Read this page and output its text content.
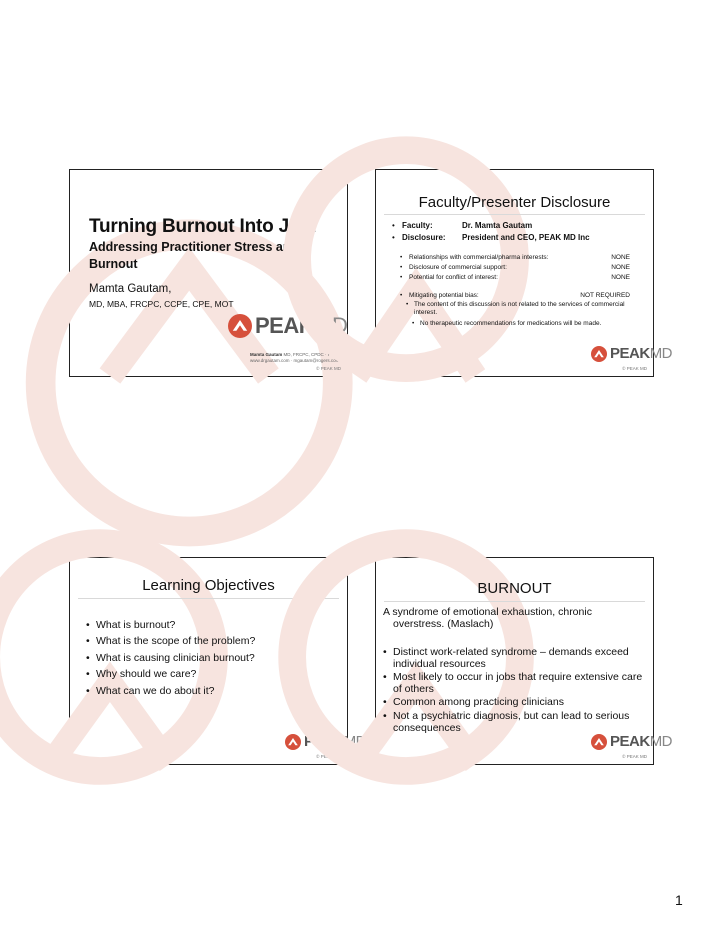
Turning Burnout Into Joy:
Addressing Practitioner Stress and Burnout
Mamta Gautam,
MD, MBA, FRCPC, CCPE, CPE, MOT
PEAKMD
Mamta Gautam MD, FRCPC, CPDC · President
www.drgautam.com · mgautam@rogers.com
© PEAK MD
Faculty/Presenter Disclosure
• Faculty:	Dr. Mamta Gautam
• Disclosure: President and CEO, PEAK MD Inc
• Relationships with commercial/pharma interests:	NONE
• Disclosure of commercial support:	NONE
• Potential for conflict of interest:	NONE
• Mitigating potential bias:	NOT REQUIRED
• The content of this discussion is not related to the services of commercial interest.
• No therapeutic recommendations for medications will be made.
PEAKMD
© PEAK MD
Learning Objectives
• What is burnout?
• What is the scope of the problem?
• What is causing clinician burnout?
• Why should we care?
• What can we do about it?
PEAKMD
© PEAK MD
BURNOUT
A syndrome of emotional exhaustion, chronic
overstress. (Maslach)
• Distinct work-related syndrome – demands exceed individual resources
• Most likely to occur in jobs that require extensive care of others
• Common among practicing clinicians
• Not a psychiatric diagnosis, but can lead to serious consequences
PEAKMD
© PEAK MD
1
